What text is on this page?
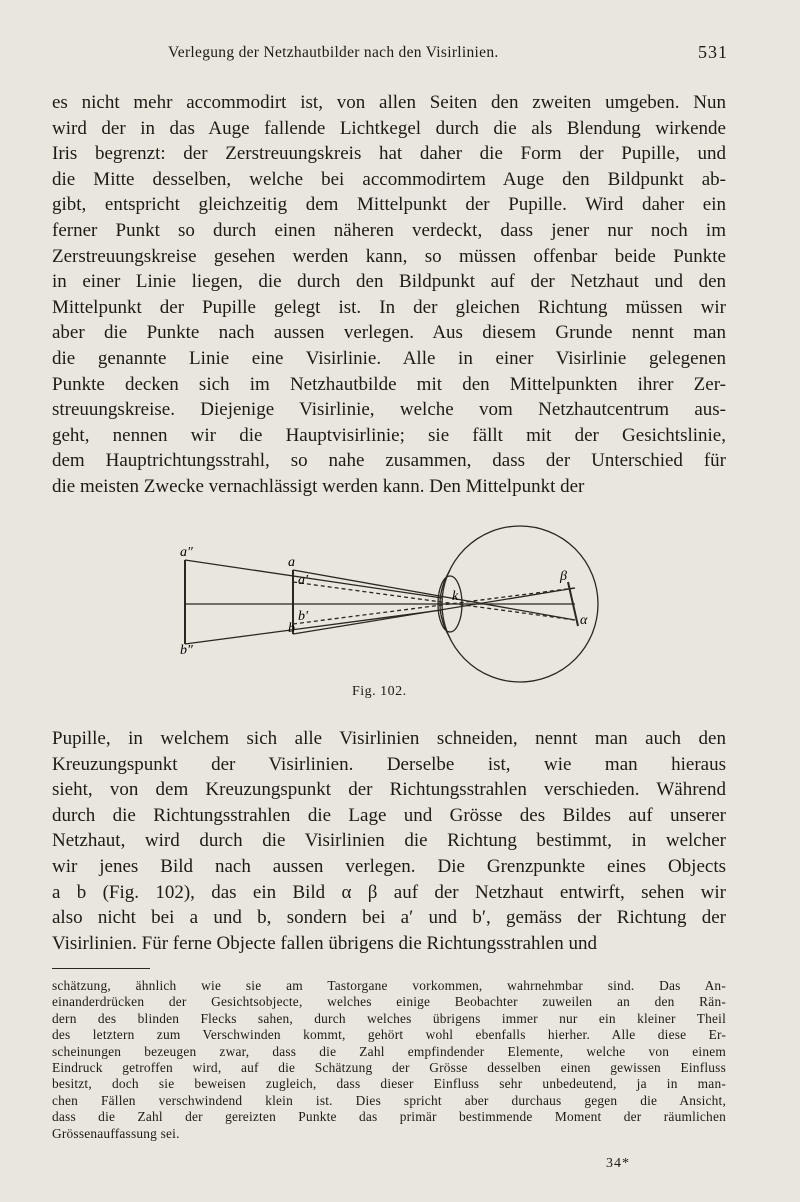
Verlegung der Netzhautbilder nach den Visirlinien.	531
es nicht mehr accommodirt ist, von allen Seiten den zweiten umgeben. Nun
wird der in das Auge fallende Lichtkegel durch die als Blendung wirkende
Iris begrenzt: der Zerstreuungskreis hat daher die Form der Pupille, und
die Mitte desselben, welche bei accommodirtem Auge den Bildpunkt ab-
gibt, entspricht gleichzeitig dem Mittelpunkt der Pupille. Wird daher ein
ferner Punkt so durch einen näheren verdeckt, dass jener nur noch im
Zerstreuungskreise gesehen werden kann, so müssen offenbar beide Punkte
in einer Linie liegen, die durch den Bildpunkt auf der Netzhaut und den
Mittelpunkt der Pupille gelegt ist. In der gleichen Richtung müssen wir
aber die Punkte nach aussen verlegen. Aus diesem Grunde nennt man
die genannte Linie eine Visirlinie. Alle in einer Visirlinie gelegenen
Punkte decken sich im Netzhautbilde mit den Mittelpunkten ihrer Zer-
streuungskreise. Diejenige Visirlinie, welche vom Netzhautcentrum aus-
geht, nennen wir die Hauptvisirlinie; sie fällt mit der Gesichtslinie,
dem Hauptrichtungsstrahl, so nahe zusammen, dass der Unterschied für
die meisten Zwecke vernachlässigt werden kann. Den Mittelpunkt der
a″
a
a′
b′
b
b″
k
β
α
Fig. 102.
Pupille, in welchem sich alle Visirlinien schneiden, nennt man auch den
Kreuzungspunkt der Visirlinien. Derselbe ist, wie man hieraus
sieht, von dem Kreuzungspunkt der Richtungsstrahlen verschieden. Während
durch die Richtungsstrahlen die Lage und Grösse des Bildes auf unserer
Netzhaut, wird durch die Visirlinien die Richtung bestimmt, in welcher
wir jenes Bild nach aussen verlegen. Die Grenzpunkte eines Objects
a b (Fig. 102), das ein Bild α β auf der Netzhaut entwirft, sehen wir
also nicht bei a und b, sondern bei a′ und b′, gemäss der Richtung der
Visirlinien. Für ferne Objecte fallen übrigens die Richtungsstrahlen und
schätzung, ähnlich wie sie am Tastorgane vorkommen, wahrnehmbar sind. Das An-
einanderdrücken der Gesichtsobjecte, welches einige Beobachter zuweilen an den Rän-
dern des blinden Flecks sahen, durch welches übrigens immer nur ein kleiner Theil
des letztern zum Verschwinden kommt, gehört wohl ebenfalls hierher. Alle diese Er-
scheinungen bezeugen zwar, dass die Zahl empfindender Elemente, welche von einem
Eindruck getroffen wird, auf die Schätzung der Grösse desselben einen gewissen Einfluss
besitzt, doch sie beweisen zugleich, dass dieser Einfluss sehr unbedeutend, ja in man-
chen Fällen verschwindend klein ist. Dies spricht aber durchaus gegen die Ansicht,
dass die Zahl der gereizten Punkte das primär bestimmende Moment der räumlichen
Grössenauffassung sei.
34*
